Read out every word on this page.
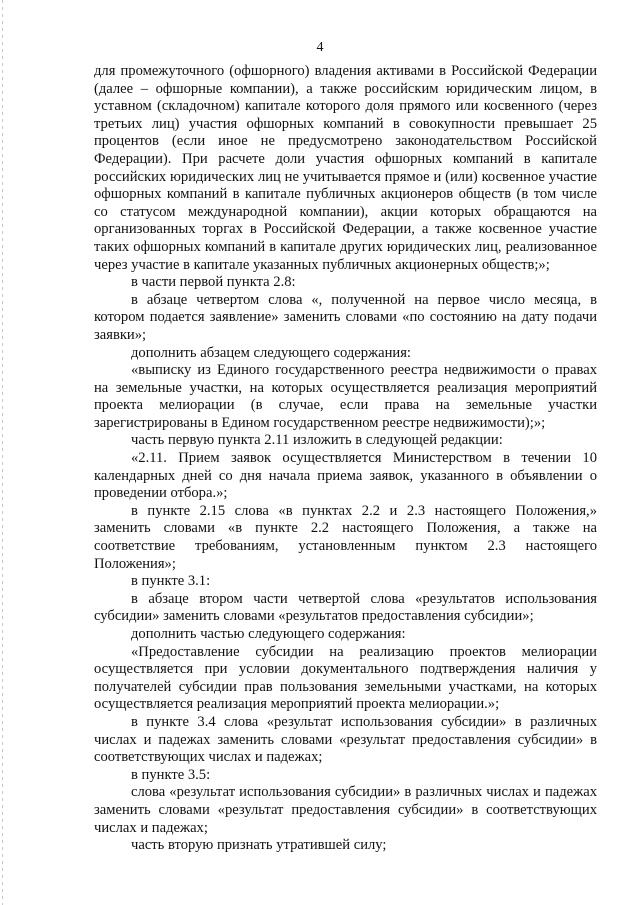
4

для промежуточного (офшорного) владения активами в Российской Федерации (далее – офшорные компании), а также российским юридическим лицом, в уставном (складочном) капитале которого доля прямого или косвенного (через третьих лиц) участия офшорных компаний в совокупности превышает 25 процентов (если иное не предусмотрено законодательством Российской Федерации). При расчете доли участия офшорных компаний в капитале российских юридических лиц не учитывается прямое и (или) косвенное участие офшорных компаний в капитале публичных акционеров обществ (в том числе со статусом международной компании), акции которых обращаются на организованных торгах в Российской Федерации, а также косвенное участие таких офшорных компаний в капитале других юридических лиц, реализованное через участие в капитале указанных публичных акционерных обществ;»;

в части первой пункта 2.8:

в абзаце четвертом слова «, полученной на первое число месяца, в котором подается заявление» заменить словами «по состоянию на дату подачи заявки»;

дополнить абзацем следующего содержания:

«выписку из Единого государственного реестра недвижимости о правах на земельные участки, на которых осуществляется реализация мероприятий проекта мелиорации (в случае, если права на земельные участки зарегистрированы в Едином государственном реестре недвижимости);»;

часть первую пункта 2.11 изложить в следующей редакции:

«2.11. Прием заявок осуществляется Министерством в течении 10 календарных дней со дня начала приема заявок, указанного в объявлении о проведении отбора.»;

в пункте 2.15 слова «в пунктах 2.2 и 2.3 настоящего Положения,» заменить словами «в пункте 2.2 настоящего Положения, а также на соответствие требованиям, установленным пунктом 2.3 настоящего Положения»;

в пункте 3.1:

в абзаце втором части четвертой слова «результатов использования субсидии» заменить словами «результатов предоставления субсидии»;

дополнить частью следующего содержания:

«Предоставление субсидии на реализацию проектов мелиорации осуществляется при условии документального подтверждения наличия у получателей субсидии прав пользования земельными участками, на которых осуществляется реализация мероприятий проекта мелиорации.»;

в пункте 3.4 слова «результат использования субсидии» в различных числах и падежах заменить словами «результат предоставления субсидии» в соответствующих числах и падежах;

в пункте 3.5:

слова «результат использования субсидии» в различных числах и падежах заменить словами «результат предоставления субсидии» в соответствующих числах и падежах;

часть вторую признать утратившей силу;
